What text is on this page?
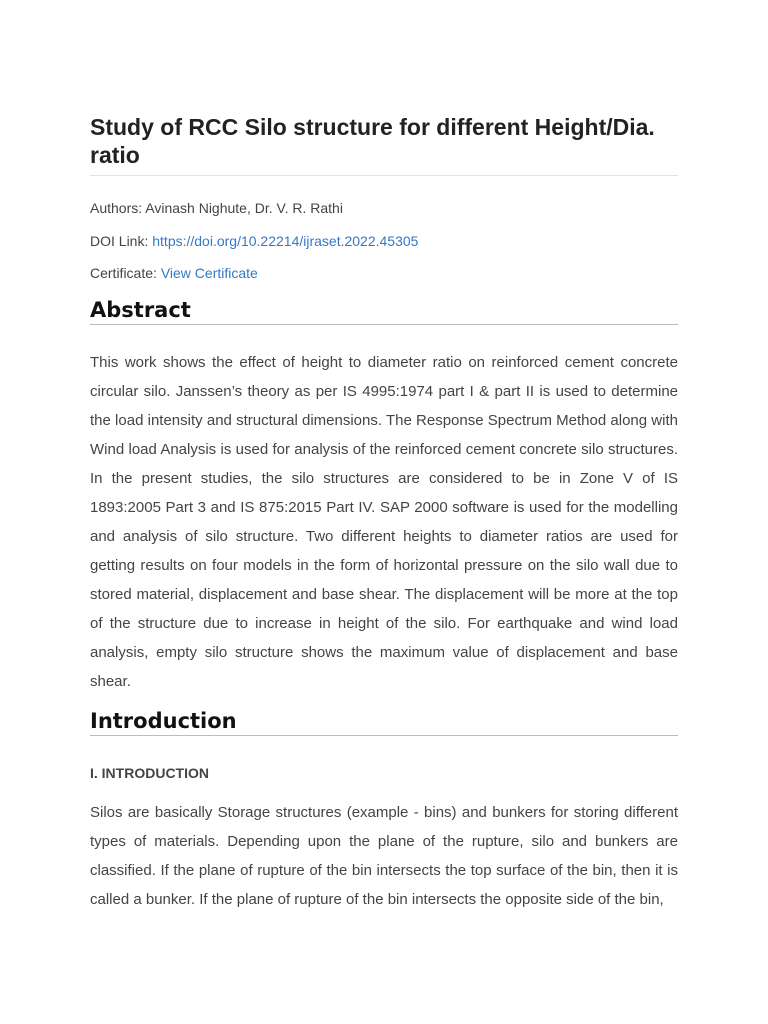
Study of RCC Silo structure for different Height/Dia. ratio

Authors: Avinash Nighute, Dr. V. R. Rathi

DOI Link: https://doi.org/10.22214/ijraset.2022.45305

Certificate: View Certificate

Abstract

This work shows the effect of height to diameter ratio on reinforced cement concrete circular silo. Janssen’s theory as per IS 4995:1974 part I & part II is used to determine the load intensity and structural dimensions. The Response Spectrum Method along with Wind load Analysis is used for analysis of the reinforced cement concrete silo structures. In the present studies, the silo structures are considered to be in Zone V of IS 1893:2005 Part 3 and IS 875:2015 Part IV. SAP 2000 software is used for the modelling and analysis of silo structure. Two different heights to diameter ratios are used for getting results on four models in the form of horizontal pressure on the silo wall due to stored material, displacement and base shear. The displacement will be more at the top of the structure due to increase in height of the silo. For earthquake and wind load analysis, empty silo structure shows the maximum value of displacement and base shear.

Introduction
I. INTRODUCTION

Silos are basically Storage structures (example - bins) and bunkers for storing different types of materials. Depending upon the plane of the rupture, silo and bunkers are classified. If the plane of rupture of the bin intersects the top surface of the bin, then it is called a bunker. If the plane of rupture of the bin intersects the opposite side of the bin,
